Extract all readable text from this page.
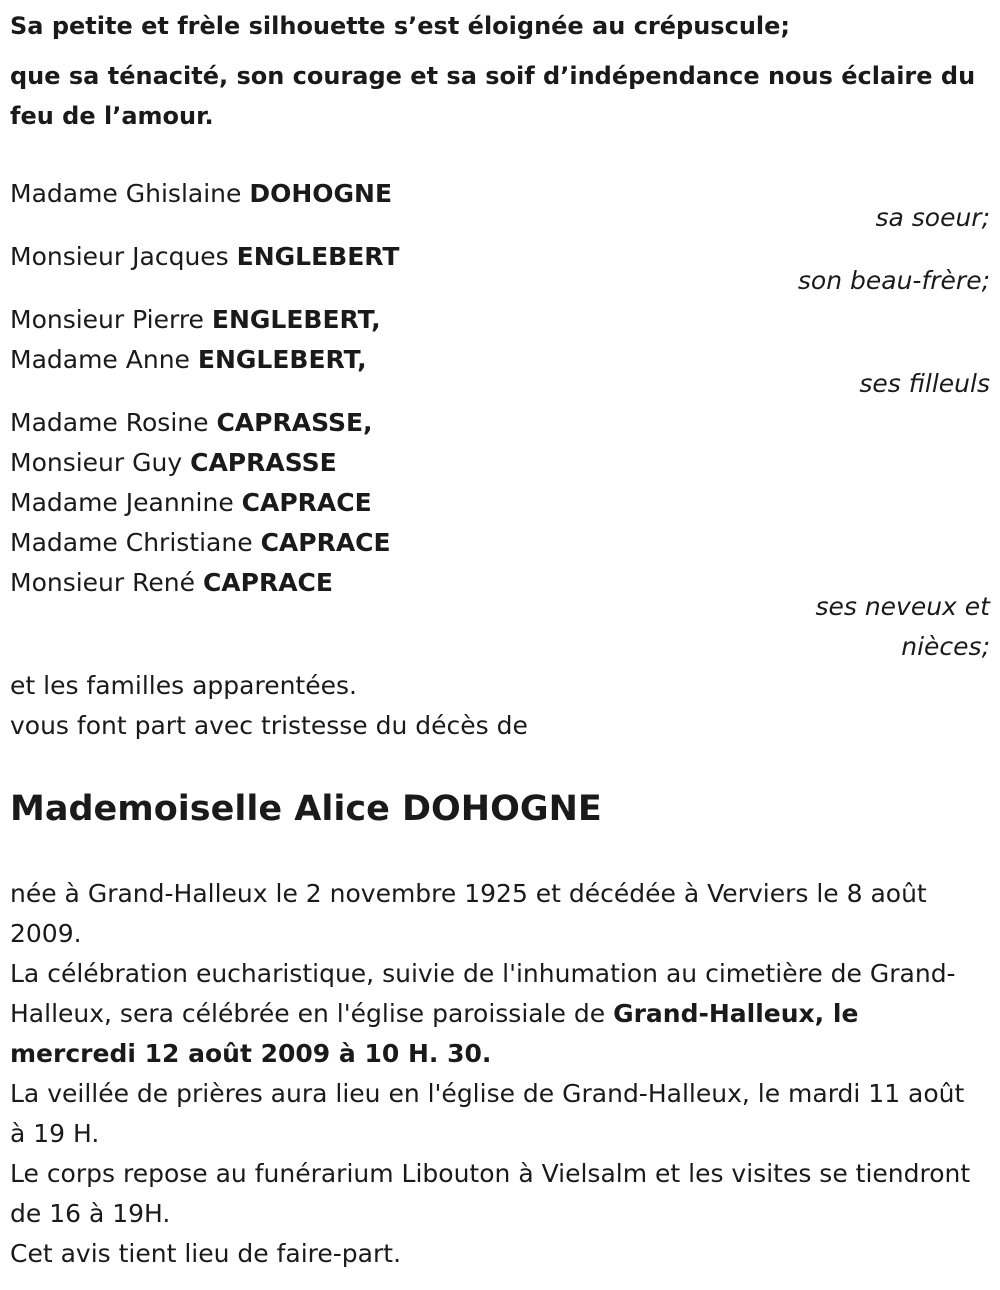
Sa petite et frèle silhouette s’est éloignée au crépuscule;

que sa ténacité, son courage et sa soif d’indépendance nous éclaire du feu de l’amour.

Madame Ghislaine DOHOGNE
sa soeur;
Monsieur Jacques ENGLEBERT
son beau-frère;
Monsieur Pierre ENGLEBERT,
Madame Anne ENGLEBERT,
ses filleuls
Madame Rosine CAPRASSE,
Monsieur Guy CAPRASSE
Madame Jeannine CAPRACE
Madame Christiane CAPRACE
Monsieur René CAPRACE
ses neveux et
nièces;
et les familles apparentées.
vous font part avec tristesse du décès de
Mademoiselle Alice DOHOGNE

née à Grand-Halleux le 2 novembre 1925 et décédée à Verviers le 8 août 2009.

La célébration eucharistique, suivie de l'inhumation au cimetière de Grand-Halleux, sera célébrée en l'église paroissiale de Grand-Halleux, le mercredi 12 août 2009 à 10 H. 30.

La veillée de prières aura lieu en l'église de Grand-Halleux, le mardi 11 août à 19 H.

Le corps repose au funérarium Libouton à Vielsalm et les visites se tiendront de 16 à 19H.

Cet avis tient lieu de faire-part.
